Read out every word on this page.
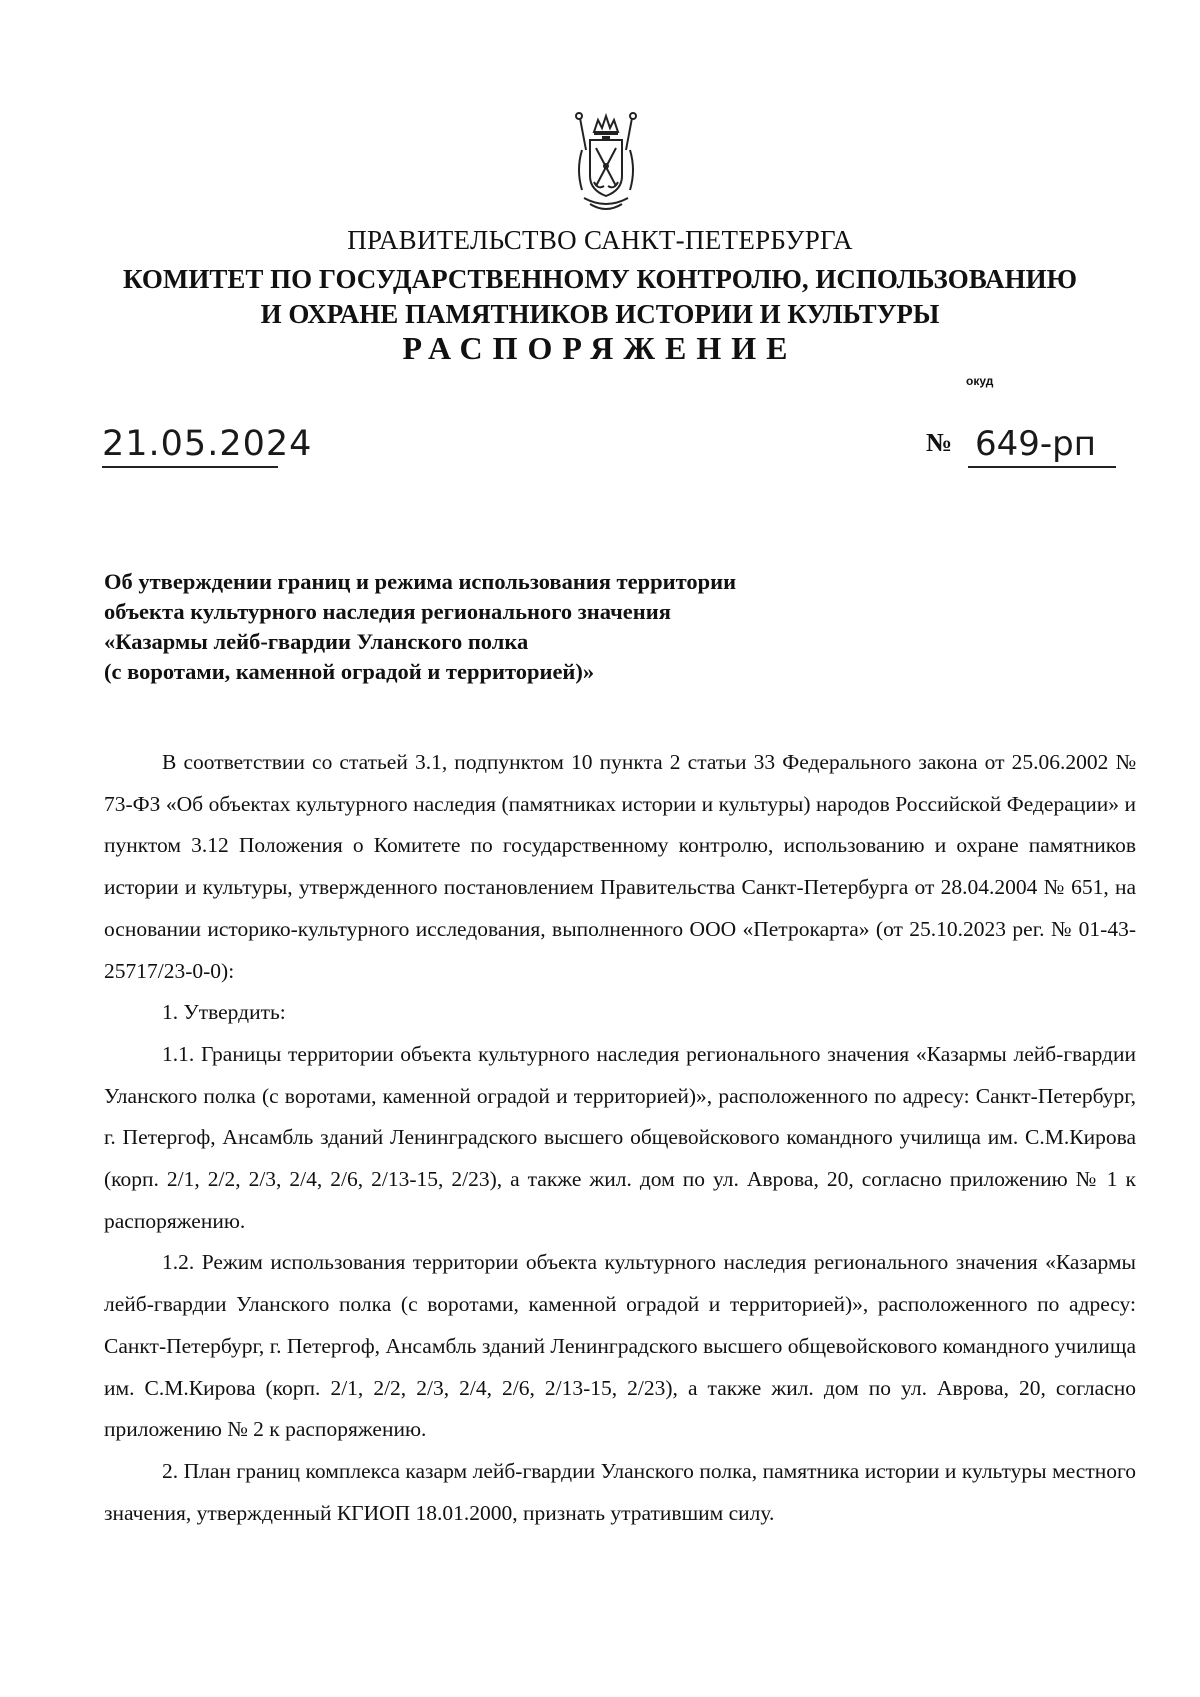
ПРАВИТЕЛЬСТВО САНКТ-ПЕТЕРБУРГА
КОМИТЕТ ПО ГОСУДАРСТВЕННОМУ КОНТРОЛЮ, ИСПОЛЬЗОВАНИЮ
И ОХРАНЕ ПАМЯТНИКОВ ИСТОРИИ И КУЛЬТУРЫ
РАСПОРЯЖЕНИЕ
окуд
21.05.2024	№ 649-рп
Об утверждении границ и режима использования территории
объекта культурного наследия регионального значения
«Казармы лейб-гвардии Уланского полка
(с воротами, каменной оградой и территорией)»

В соответствии со статьей 3.1, подпунктом 10 пункта 2 статьи 33 Федерального закона от 25.06.2002 № 73-ФЗ «Об объектах культурного наследия (памятниках истории и культуры) народов Российской Федерации» и пунктом 3.12 Положения о Комитете по государственному контролю, использованию и охране памятников истории и культуры, утвержденного постановлением Правительства Санкт-Петербурга от 28.04.2004 № 651, на основании историко-культурного исследования, выполненного ООО «Петрокарта» (от 25.10.2023 рег. № 01-43-25717/23-0-0):

1. Утвердить:

1.1. Границы территории объекта культурного наследия регионального значения «Казармы лейб-гвардии Уланского полка (с воротами, каменной оградой и территорией)», расположенного по адресу: Санкт-Петербург, г. Петергоф, Ансамбль зданий Ленинградского высшего общевойскового командного училища им. С.М.Кирова (корп. 2/1, 2/2, 2/3, 2/4, 2/6, 2/13-15, 2/23), а также жил. дом по ул. Аврова, 20, согласно приложению № 1 к распоряжению.

1.2. Режим использования территории объекта культурного наследия регионального значения «Казармы лейб-гвардии Уланского полка (с воротами, каменной оградой и территорией)», расположенного по адресу: Санкт-Петербург, г. Петергоф, Ансамбль зданий Ленинградского высшего общевойскового командного училища им. С.М.Кирова (корп. 2/1, 2/2, 2/3, 2/4, 2/6, 2/13-15, 2/23), а также жил. дом по ул. Аврова, 20, согласно приложению № 2 к распоряжению.

2. План границ комплекса казарм лейб-гвардии Уланского полка, памятника истории и культуры местного значения, утвержденный КГИОП 18.01.2000, признать утратившим силу.
